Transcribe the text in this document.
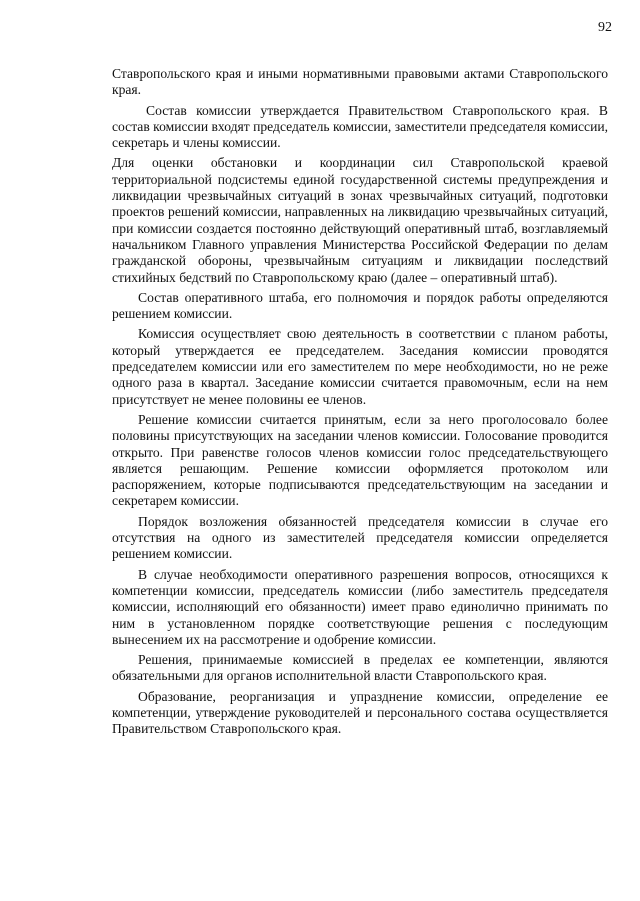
92

Ставропольского края и иными нормативными правовыми актами Ставропольского края.

Состав комиссии утверждается Правительством Ставропольского края. В состав комиссии входят председатель комиссии, заместители председателя комиссии, секретарь и члены комиссии.

Для оценки обстановки и координации сил Ставропольской краевой территориальной подсистемы единой государственной системы предупреждения и ликвидации чрезвычайных ситуаций в зонах чрезвычайных ситуаций, подготовки проектов решений комиссии, направленных на ликвидацию чрезвычайных ситуаций, при комиссии создается постоянно действующий оперативный штаб, возглавляемый начальником Главного управления Министерства Российской Федерации по делам гражданской обороны, чрезвычайным ситуациям и ликвидации последствий стихийных бедствий по Ставропольскому краю (далее – оперативный штаб).

Состав оперативного штаба, его полномочия и порядок работы определяются решением комиссии.

Комиссия осуществляет свою деятельность в соответствии с планом работы, который утверждается ее председателем. Заседания комиссии проводятся председателем комиссии или его заместителем по мере необходимости, но не реже одного раза в квартал. Заседание комиссии считается правомочным, если на нем присутствует не менее половины ее членов.

Решение комиссии считается принятым, если за него проголосовало более половины присутствующих на заседании членов комиссии. Голосование проводится открыто. При равенстве голосов членов комиссии голос председательствующего является решающим. Решение комиссии оформляется протоколом или распоряжением, которые подписываются председательствующим на заседании и секретарем комиссии.

Порядок возложения обязанностей председателя комиссии в случае его отсутствия на одного из заместителей председателя комиссии определяется решением комиссии.

В случае необходимости оперативного разрешения вопросов, относящихся к компетенции комиссии, председатель комиссии (либо заместитель председателя комиссии, исполняющий его обязанности) имеет право единолично принимать по ним в установленном порядке соответствующие решения с последующим вынесением их на рассмотрение и одобрение комиссии.

Решения, принимаемые комиссией в пределах ее компетенции, являются обязательными для органов исполнительной власти Ставропольского края.

Образование, реорганизация и упразднение комиссии, определение ее компетенции, утверждение руководителей и персонального состава осуществляется Правительством Ставропольского края.
